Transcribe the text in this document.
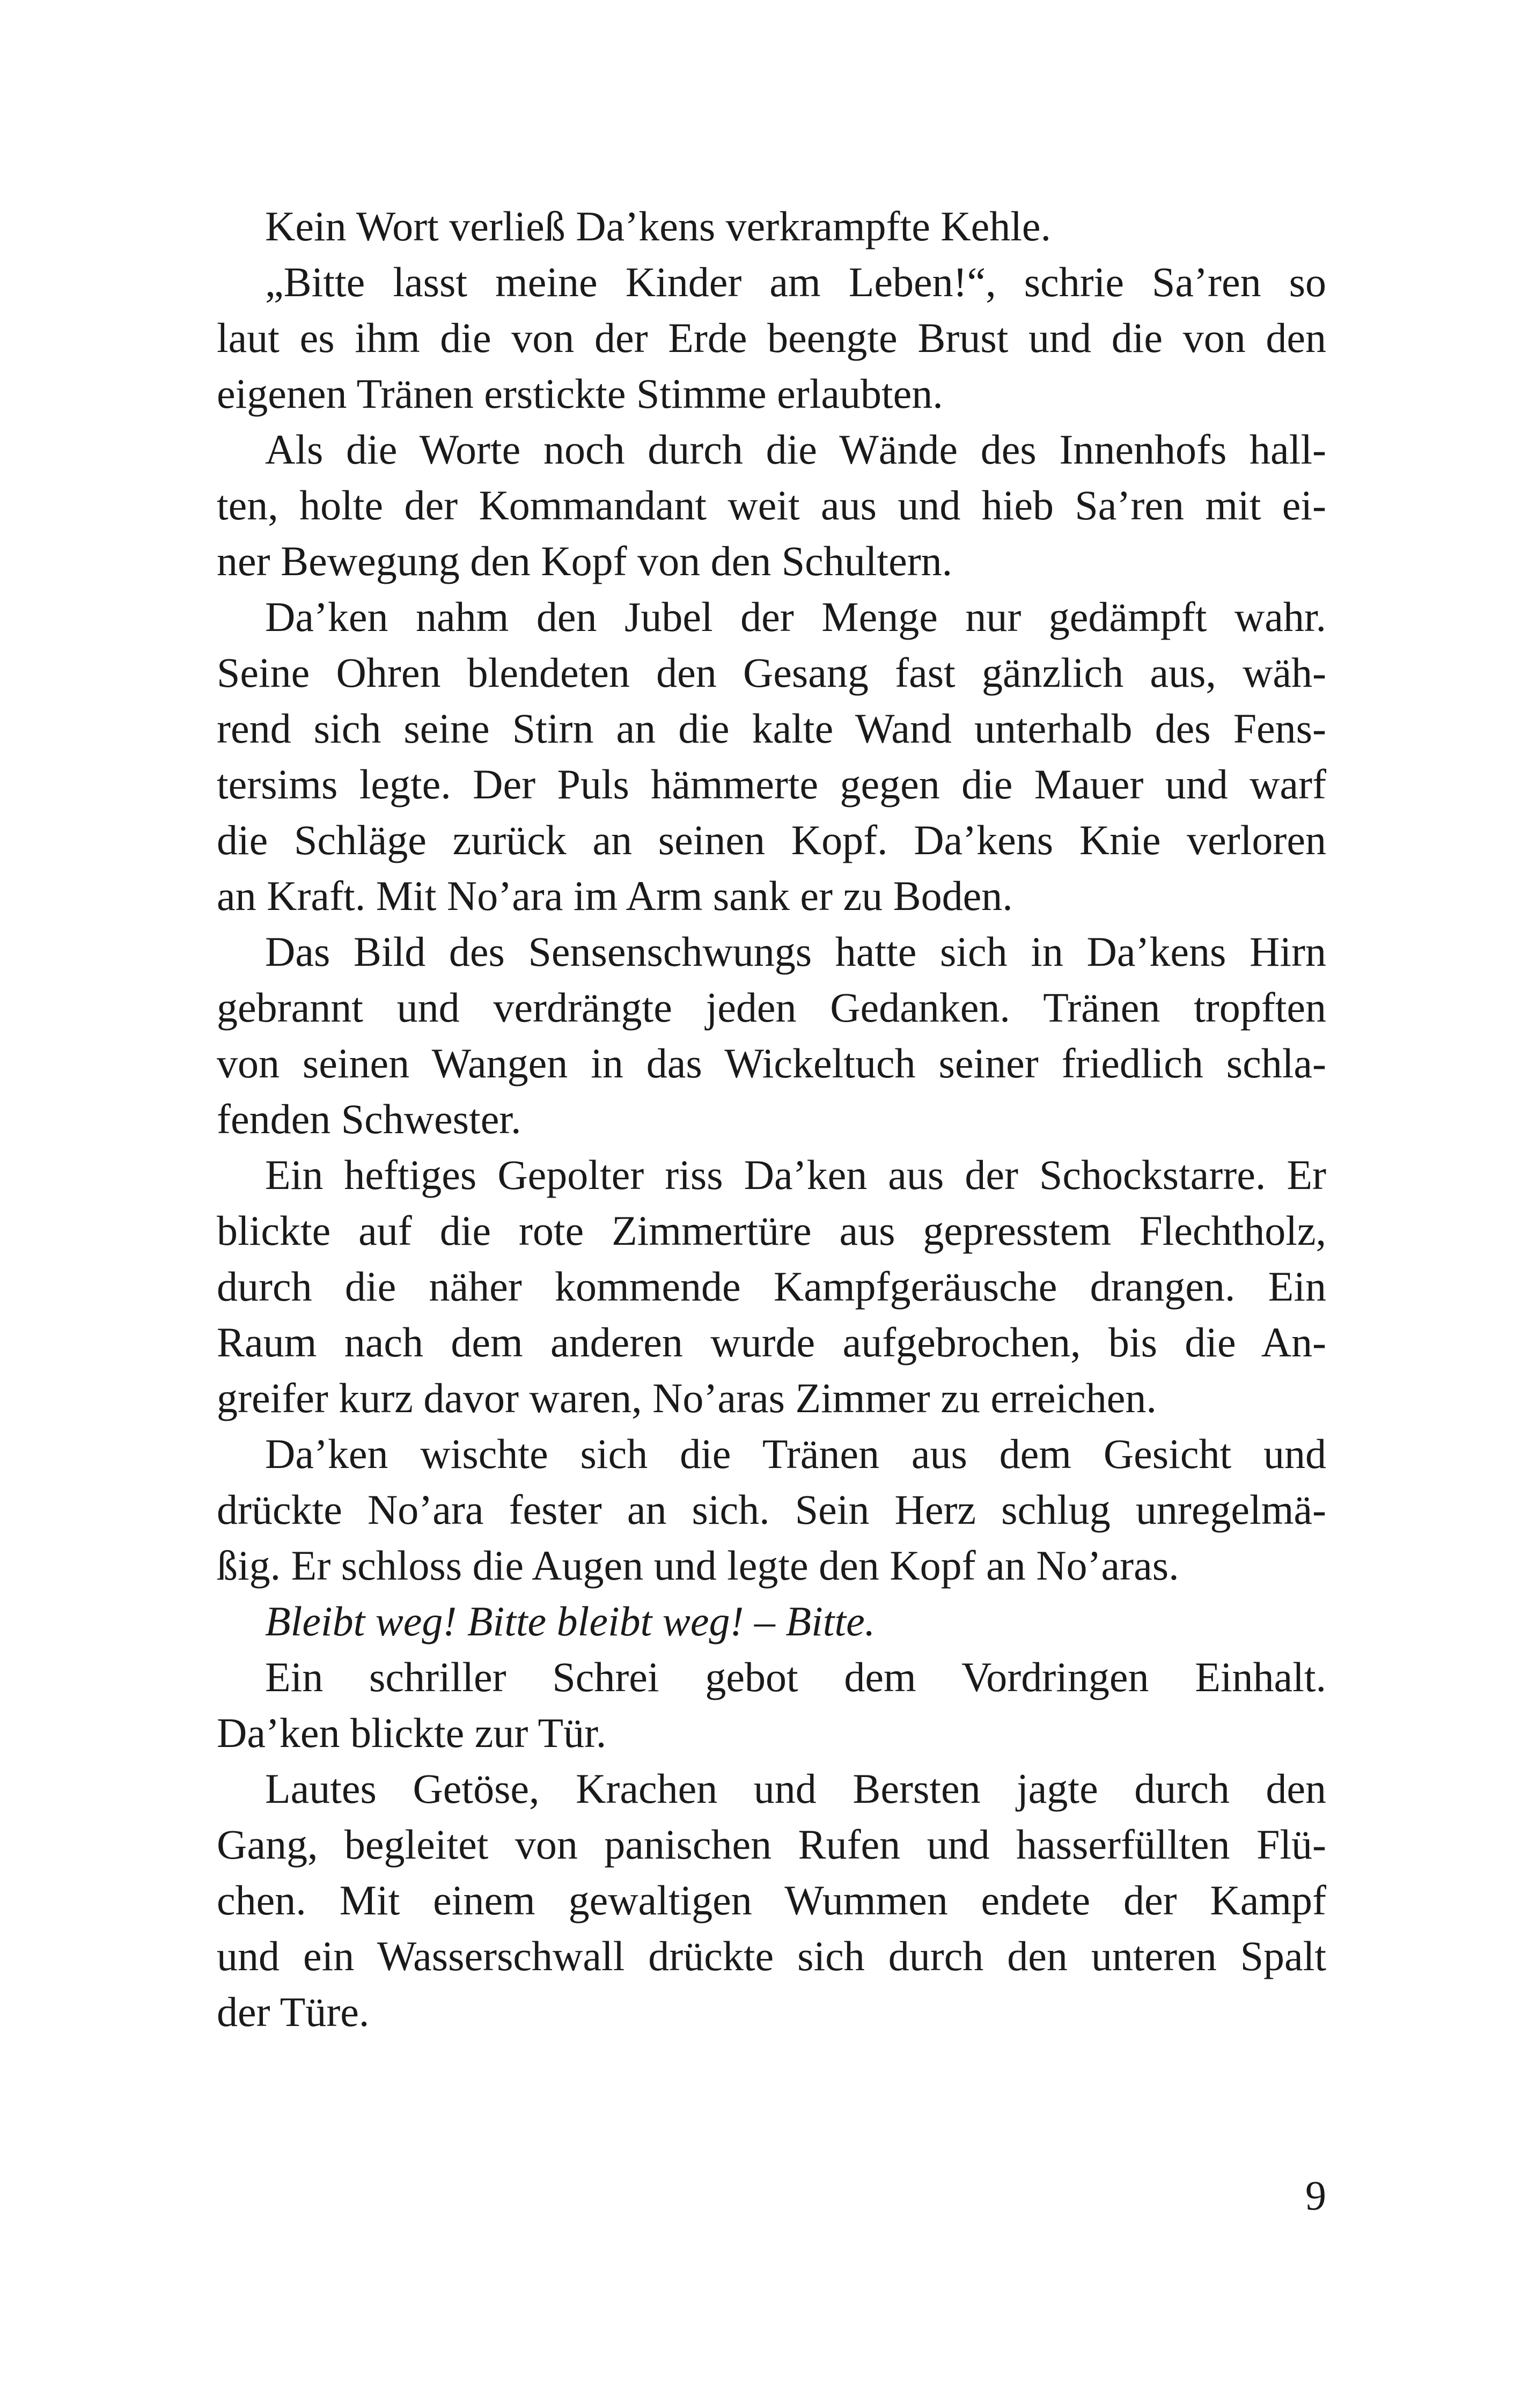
Kein Wort verließ Da’kens verkrampfte Kehle.
„Bitte lasst meine Kinder am Leben!“, schrie Sa’ren so
laut es ihm die von der Erde beengte Brust und die von den
eigenen Tränen erstickte Stimme erlaubten.
Als die Worte noch durch die Wände des Innenhofs hall-
ten, holte der Kommandant weit aus und hieb Sa’ren mit ei-
ner Bewegung den Kopf von den Schultern.
Da’ken nahm den Jubel der Menge nur gedämpft wahr.
Seine Ohren blendeten den Gesang fast gänzlich aus, wäh-
rend sich seine Stirn an die kalte Wand unterhalb des Fens-
tersims legte. Der Puls hämmerte gegen die Mauer und warf
die Schläge zurück an seinen Kopf. Da’kens Knie verloren
an Kraft. Mit No’ara im Arm sank er zu Boden.
Das Bild des Sensenschwungs hatte sich in Da’kens Hirn
gebrannt und verdrängte jeden Gedanken. Tränen tropften
von seinen Wangen in das Wickeltuch seiner friedlich schla-
fenden Schwester.
Ein heftiges Gepolter riss Da’ken aus der Schockstarre. Er
blickte auf die rote Zimmertüre aus gepresstem Flechtholz,
durch die näher kommende Kampfgeräusche drangen. Ein
Raum nach dem anderen wurde aufgebrochen, bis die An-
greifer kurz davor waren, No’aras Zimmer zu erreichen.
Da’ken wischte sich die Tränen aus dem Gesicht und
drückte No’ara fester an sich. Sein Herz schlug unregelmä-
ßig. Er schloss die Augen und legte den Kopf an No’aras.
Bleibt weg! Bitte bleibt weg! – Bitte.
Ein schriller Schrei gebot dem Vordringen Einhalt.
Da’ken blickte zur Tür.
Lautes Getöse, Krachen und Bersten jagte durch den
Gang, begleitet von panischen Rufen und hasserfüllten Flü-
chen. Mit einem gewaltigen Wummen endete der Kampf
und ein Wasserschwall drückte sich durch den unteren Spalt
der Türe.
9
